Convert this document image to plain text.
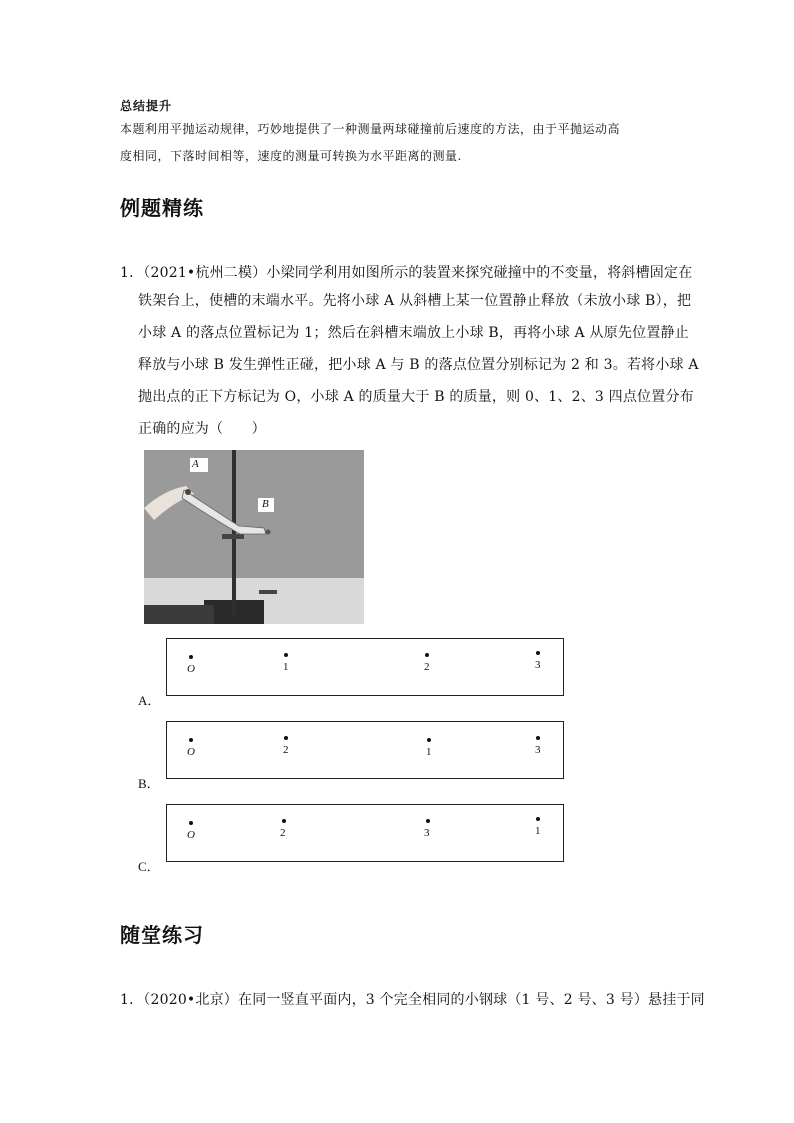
总结提升
本题利用平抛运动规律，巧妙地提供了一种测量两球碰撞前后速度的方法，由于平抛运动高
度相同，下落时间相等，速度的测量可转换为水平距离的测量.
例题精练
1．（2021•杭州二模）小梁同学利用如图所示的装置来探究碰撞中的不变量，将斜槽固定在
铁架台上，使槽的末端水平。先将小球 A 从斜槽上某一位置静止释放（未放小球 B），把
小球 A 的落点位置标记为 1；然后在斜槽末端放上小球 B，再将小球 A 从原先位置静止
释放与小球 B 发生弹性正碰，把小球 A 与 B 的落点位置分别标记为 2 和 3。若将小球 A
抛出点的正下方标记为 O，小球 A 的质量大于 B 的质量，则 0、1、2、3 四点位置分布
正确的应为（　　）
A
B
O	1	2	3
A．
O	2	1	3
B．
O	2	3	1
C．
随堂练习
1．（2020•北京）在同一竖直平面内，3 个完全相同的小钢球（1 号、2 号、3 号）悬挂于同
